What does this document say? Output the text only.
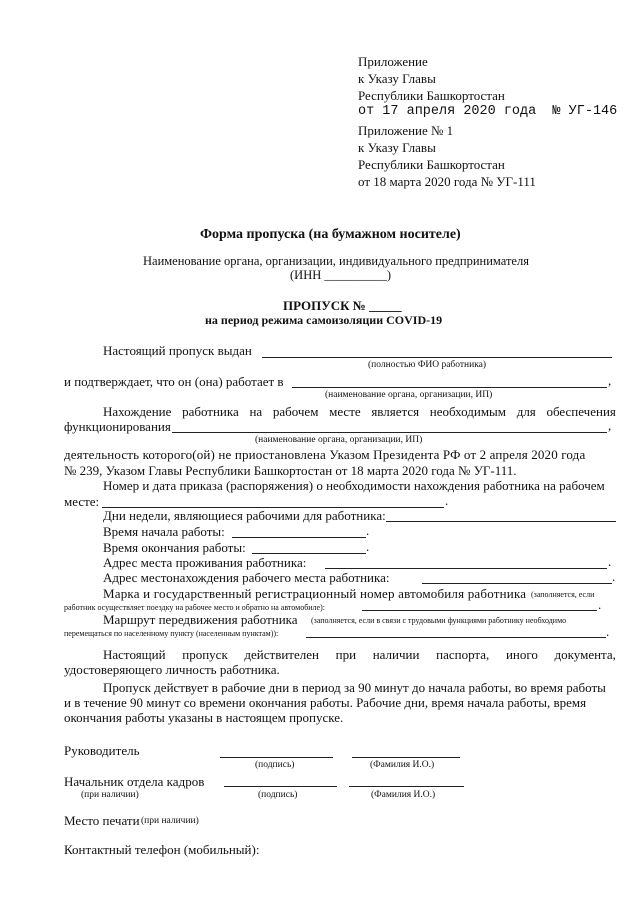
Приложение
к Указу Главы
Республики Башкортостан
от 17 апреля 2020 года  № УГ-146
Приложение № 1
к Указу Главы
Республики Башкортостан
от 18 марта 2020 года № УГ-111
Форма пропуска (на бумажном носителе)
Наименование органа, организации, индивидуального предпринимателя
(ИНН __________)
ПРОПУСК № _____
на период режима самоизоляции COVID-19
Настоящий пропуск выдан
(полностью ФИО работника)
и подтверждает, что он (она) работает в	,
(наименование органа, организации, ИП)
Нахождение работника на рабочем месте является необходимым для обеспечения
функционирования	,
(наименование органа, организации, ИП)
деятельность которого(ой) не приостановлена Указом Президента РФ от 2 апреля 2020 года
№ 239, Указом Главы Республики Башкортостан от 18 марта 2020 года № УГ-111.
Номер и дата приказа (распоряжения) о необходимости нахождения работника на рабочем
месте:	.
Дни недели, являющиеся рабочими для работника:
Время начала работы:	.
Время окончания работы:	.
Адрес места проживания работника:	.
Адрес местонахождения рабочего места работника:	.
Марка и государственный регистрационный номер автомобиля работника (заполняется, если
работник осуществляет поездку на рабочее место и обратно на автомобиле):	.
Маршрут передвижения работника (заполняется, если в связи с трудовыми функциями работнику необходимо
перемещаться по населенному пункту (населенным пунктам)):	.
Настоящий пропуск действителен при наличии паспорта, иного документа,
удостоверяющего личность работника.
Пропуск действует в рабочие дни в период за 90 минут до начала работы, во время работы
и в течение 90 минут со времени окончания работы. Рабочие дни, время начала работы, время
окончания работы указаны в настоящем пропуске.
Руководитель
(подпись)	(Фамилия И.О.)
Начальник отдела кадров
(при наличии)	(подпись)	(Фамилия И.О.)
Место печати (при наличии)
Контактный телефон (мобильный):
